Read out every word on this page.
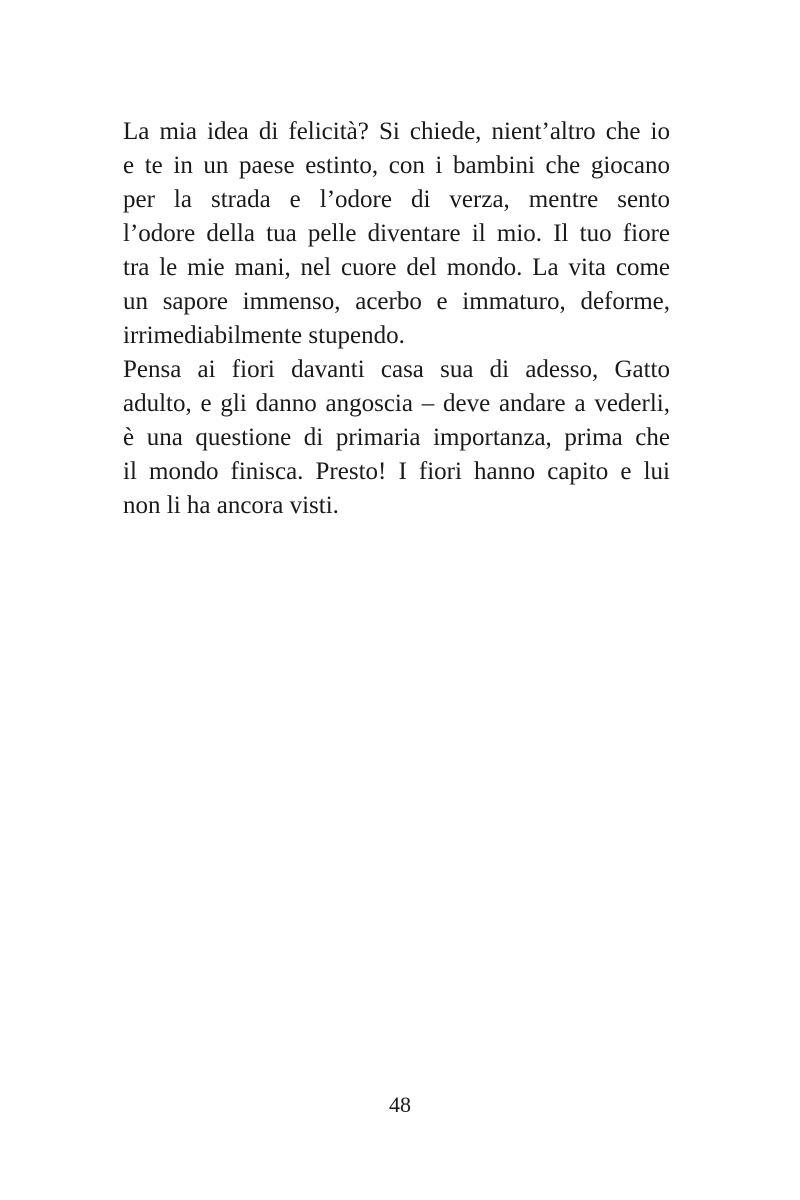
La mia idea di felicità? Si chiede, nient’altro che io
e te in un paese estinto, con i bambini che giocano
per la strada e l’odore di verza, mentre sento
l’odore della tua pelle diventare il mio. Il tuo fiore
tra le mie mani, nel cuore del mondo. La vita come
un sapore immenso, acerbo e immaturo, deforme,
irrimediabilmente stupendo.
Pensa ai fiori davanti casa sua di adesso, Gatto
adulto, e gli danno angoscia – deve andare a vederli,
è una questione di primaria importanza, prima che
il mondo finisca. Presto! I fiori hanno capito e lui
non li ha ancora visti.
48
